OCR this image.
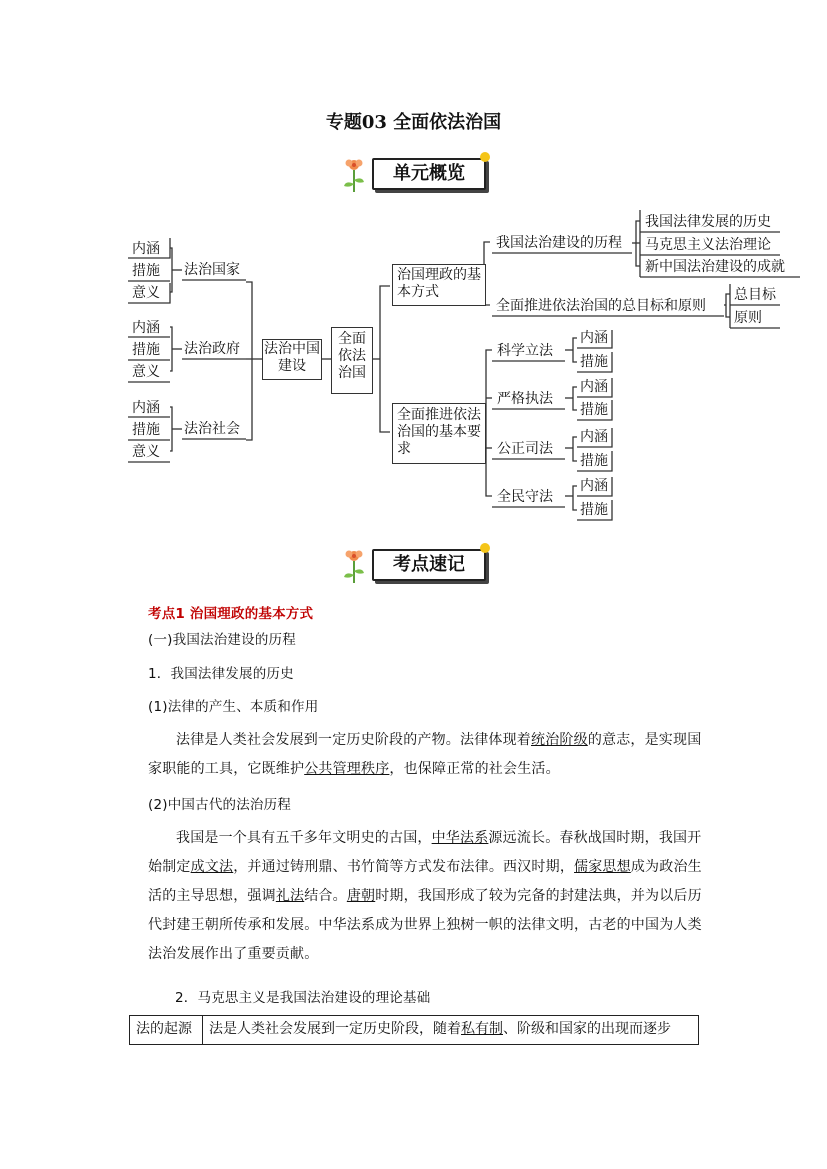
专题03 全面依法治国
单元概览
内涵
措施
意义
法治国家
内涵
措施
意义
法治政府
内涵
措施
意义
法治社会
法治中国建设
全面依法治国
治国理政的基本方式
全面推进依法治国的基本要求
我国法治建设的历程
我国法律发展的历史
马克思主义法治理论
新中国法治建设的成就
全面推进依法治国的总目标和原则
总目标
原则
科学立法
内涵
措施
严格执法
内涵
措施
公正司法
内涵
措施
全民守法
内涵
措施
考点速记
考点1 治国理政的基本方式
(一)我国法治建设的历程
1．我国法律发展的历史
(1)法律的产生、本质和作用
法律是人类社会发展到一定历史阶段的产物。法律体现着统治阶级的意志，是实现国家职能的工具，它既维护公共管理秩序，也保障正常的社会生活。
(2)中国古代的法治历程
我国是一个具有五千多年文明史的古国，中华法系源远流长。春秋战国时期，我国开始制定成文法，并通过铸刑鼎、书竹简等方式发布法律。西汉时期，儒家思想成为政治生活的主导思想，强调礼法结合。唐朝时期，我国形成了较为完备的封建法典，并为以后历代封建王朝所传承和发展。中华法系成为世界上独树一帜的法律文明，古老的中国为人类法治发展作出了重要贡献。
2．马克思主义是我国法治建设的理论基础
法的起源	法是人类社会发展到一定历史阶段，随着私有制、阶级和国家的出现而逐步
